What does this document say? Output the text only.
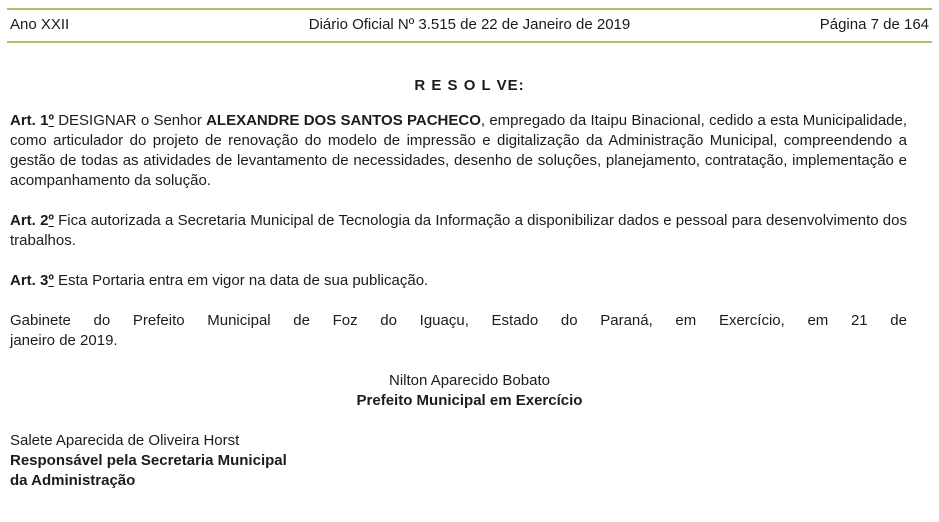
Ano XXII	Diário Oficial Nº 3.515 de 22 de Janeiro de 2019	Página 7 de 164
R E S O L VE:

Art. 1º DESIGNAR o Senhor ALEXANDRE DOS SANTOS PACHECO, empregado da Itaipu Binacional, cedido a esta Municipalidade, como articulador do projeto de renovação do modelo de impressão e digitalização da Administração Municipal, compreendendo a gestão de todas as atividades de levantamento de necessidades, desenho de soluções, planejamento, contratação, implementação e acompanhamento da solução.

Art. 2º Fica autorizada a Secretaria Municipal de Tecnologia da Informação a disponibilizar dados e pessoal para desenvolvimento dos trabalhos.

Art. 3º Esta Portaria entra em vigor na data de sua publicação.

Gabinete do Prefeito Municipal de Foz do Iguaçu, Estado do Paraná, em Exercício, em 21 de
janeiro de 2019.

Nilton Aparecido Bobato
Prefeito Municipal em Exercício
Salete Aparecida de Oliveira Horst
Responsável pela Secretaria Municipal
da Administração
